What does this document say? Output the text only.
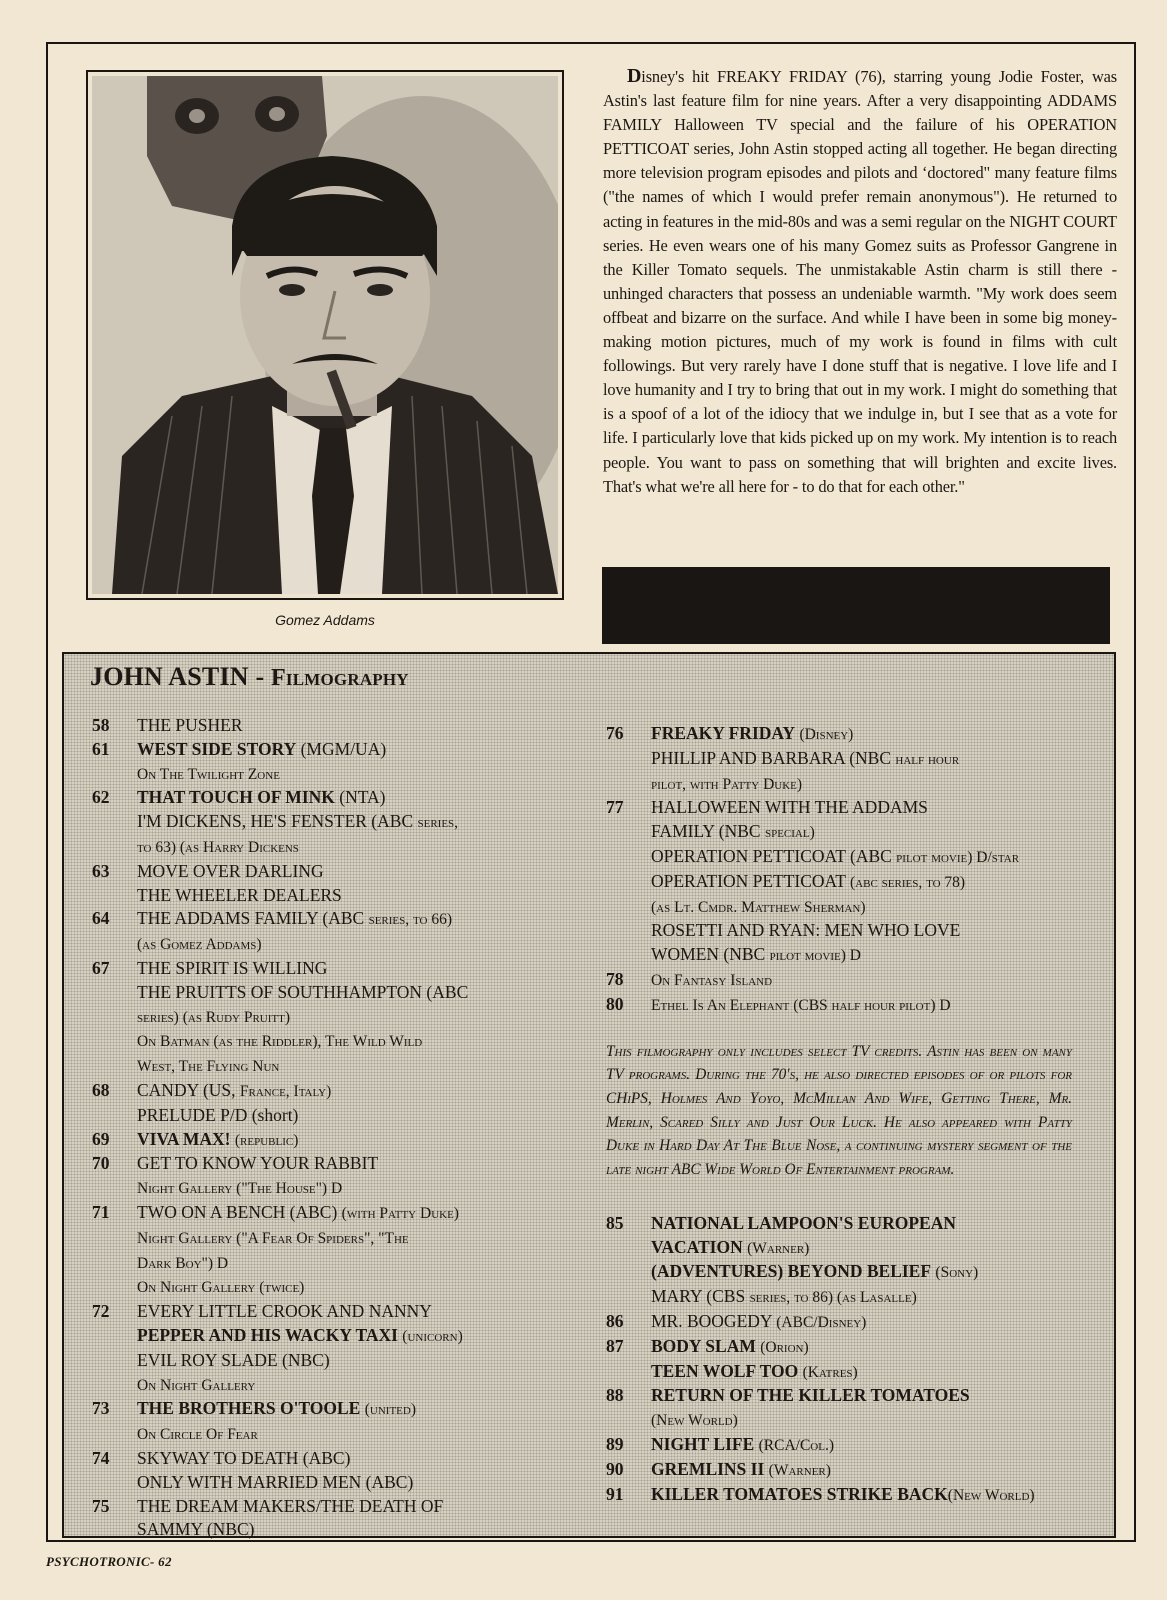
Gomez Addams
Disney's hit FREAKY FRIDAY (76), starring young Jodie Foster, was Astin's last feature film for nine years. After a very disappointing ADDAMS FAMILY Halloween TV special and the failure of his OPERATION PETTICOAT series, John Astin stopped acting all together. He began directing more television program episodes and pilots and ‘doctored" many feature films ("the names of which I would prefer remain anonymous"). He returned to acting in features in the mid-80s and was a semi regular on the NIGHT COURT series. He even wears one of his many Gomez suits as Professor Gangrene in the Killer Tomato sequels. The unmistakable Astin charm is still there - unhinged characters that possess an undeniable warmth. "My work does seem offbeat and bizarre on the surface. And while I have been in some big money-making motion pictures, much of my work is found in films with cult followings. But very rarely have I done stuff that is negative. I love life and I love humanity and I try to bring that out in my work. I might do something that is a spoof of a lot of the idiocy that we indulge in, but I see that as a vote for life. I particularly love that kids picked up on my work. My intention is to reach people. You want to pass on something that will brighten and excite lives. That's what we're all here for - to do that for each other."
JOHN ASTIN - Filmography
58	THE PUSHER
61	WEST SIDE STORY (MGM/UA)
On The Twilight Zone
62	THAT TOUCH OF MINK (NTA)
I'M DICKENS, HE'S FENSTER (ABC series,
to 63) (as Harry Dickens
63	MOVE OVER DARLING
THE WHEELER DEALERS
64	THE ADDAMS FAMILY (ABC series, to 66)
(as Gomez Addams)
67	THE SPIRIT IS WILLING
THE PRUITTS OF SOUTHHAMPTON (ABC
series) (as Rudy Pruitt)
On Batman (as the Riddler), The Wild Wild
West, The Flying Nun
68	CANDY (US, France, Italy)
PRELUDE P/D (short)
69	VIVA MAX! (republic)
70	GET TO KNOW YOUR RABBIT
Night Gallery ("The House") D
71	TWO ON A BENCH (ABC) (with Patty Duke)
Night Gallery ("A Fear Of Spiders", "The
Dark Boy") D
On Night Gallery (twice)
72	EVERY LITTLE CROOK AND NANNY
PEPPER AND HIS WACKY TAXI (unicorn)
EVIL ROY SLADE (NBC)
On Night Gallery
73	THE BROTHERS O'TOOLE (united)
On Circle Of Fear
74	SKYWAY TO DEATH (ABC)
ONLY WITH MARRIED MEN (ABC)
75	THE DREAM MAKERS/THE DEATH OF
SAMMY (NBC)
76	FREAKY FRIDAY (Disney)
PHILLIP AND BARBARA (NBC half hour
pilot, with Patty Duke)
77	HALLOWEEN WITH THE ADDAMS
FAMILY (NBC special)
OPERATION PETTICOAT (ABC pilot movie) D/star
OPERATION PETTICOAT (abc series, to 78)
(as Lt. Cmdr. Matthew Sherman)
ROSETTI AND RYAN: MEN WHO LOVE
WOMEN (NBC pilot movie) D
78	On Fantasy Island
80	Ethel Is An Elephant (CBS half hour pilot) D
This filmography only includes select TV credits. Astin has been on many TV programs. During the 70's, he also directed episodes of or pilots for CHiPS, Holmes And Yoyo, McMillan And Wife, Getting There, Mr. Merlin, Scared Silly and Just Our Luck. He also appeared with Patty Duke in Hard Day At The Blue Nose, a continuing mystery segment of the late night ABC Wide World Of Entertainment program.
85	NATIONAL LAMPOON'S EUROPEAN
VACATION (Warner)
(ADVENTURES) BEYOND BELIEF (Sony)
MARY (CBS series, to 86) (as Lasalle)
86	MR. BOOGEDY (ABC/Disney)
87	BODY SLAM (Orion)
TEEN WOLF TOO (Katres)
88	RETURN OF THE KILLER TOMATOES
(New World)
89	NIGHT LIFE (RCA/Col.)
90	GREMLINS II (Warner)
91	KILLER TOMATOES STRIKE BACK(New World)
PSYCHOTRONIC- 62
